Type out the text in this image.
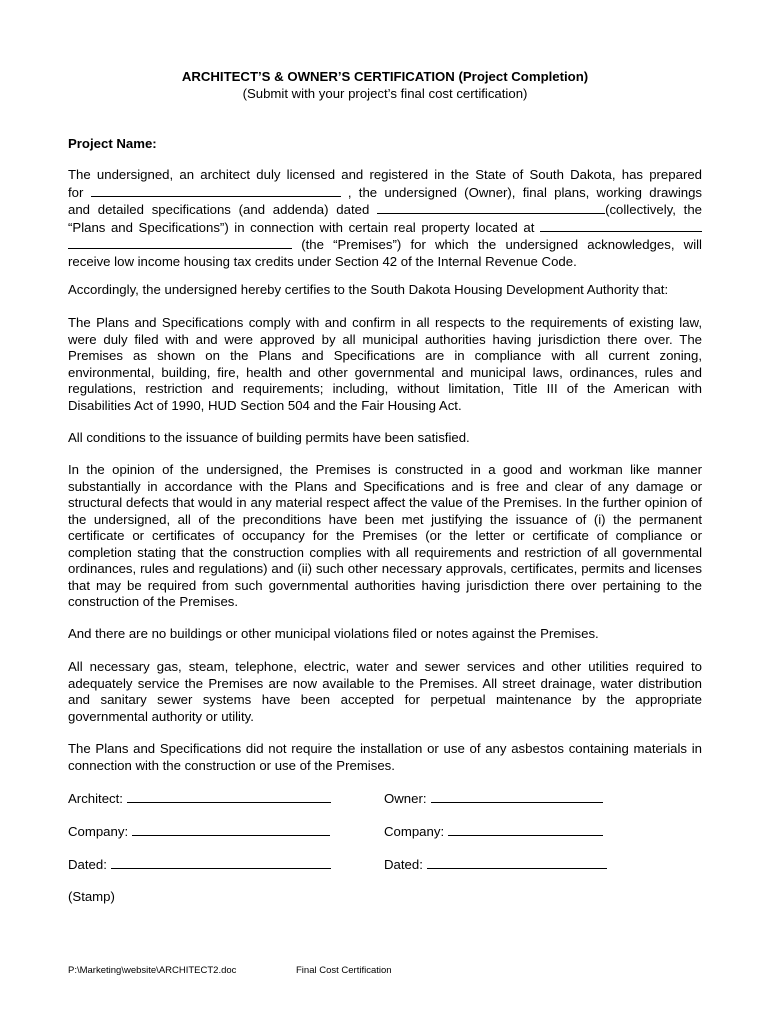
ARCHITECT’S & OWNER’S CERTIFICATION (Project Completion)
(Submit with your project’s final cost certification)
Project Name:
The undersigned, an architect duly licensed and registered in the State of South Dakota, has prepared
for	, the undersigned (Owner), final plans, working drawings
and detailed specifications (and addenda) dated	(collectively, the
“Plans and Specifications”) in connection with certain real property located at
(the “Premises”) for which the undersigned acknowledges, will
receive low income housing tax credits under Section 42 of the Internal Revenue Code.
Accordingly, the undersigned hereby certifies to the South Dakota Housing Development Authority that:
The Plans and Specifications comply with and confirm in all respects to the requirements of existing law, were duly filed with and were approved by all municipal authorities having jurisdiction there over. The Premises as shown on the Plans and Specifications are in compliance with all current zoning, environmental, building, fire, health and other governmental and municipal laws, ordinances, rules and regulations, restriction and requirements; including, without limitation, Title III of the American with Disabilities Act of 1990, HUD Section 504 and the Fair Housing Act.
All conditions to the issuance of building permits have been satisfied.
In the opinion of the undersigned, the Premises is constructed in a good and workman like manner substantially in accordance with the Plans and Specifications and is free and clear of any damage or structural defects that would in any material respect affect the value of the Premises. In the further opinion of the undersigned, all of the preconditions have been met justifying the issuance of (i) the permanent certificate or certificates of occupancy for the Premises (or the letter or certificate of compliance or completion stating that the construction complies with all requirements and restriction of all governmental ordinances, rules and regulations) and (ii) such other necessary approvals, certificates, permits and licenses that may be required from such governmental authorities having jurisdiction there over pertaining to the construction of the Premises.
And there are no buildings or other municipal violations filed or notes against the Premises.
All necessary gas, steam, telephone, electric, water and sewer services and other utilities required to adequately service the Premises are now available to the Premises. All street drainage, water distribution and sanitary sewer systems have been accepted for perpetual maintenance by the appropriate governmental authority or utility.
The Plans and Specifications did not require the installation or use of any asbestos containing materials in connection with the construction or use of the Premises.
Architect:	Owner:
Company:	Company:
Dated:	Dated:
(Stamp)
P:\Marketing\website\ARCHITECT2.doc	Final Cost Certification
